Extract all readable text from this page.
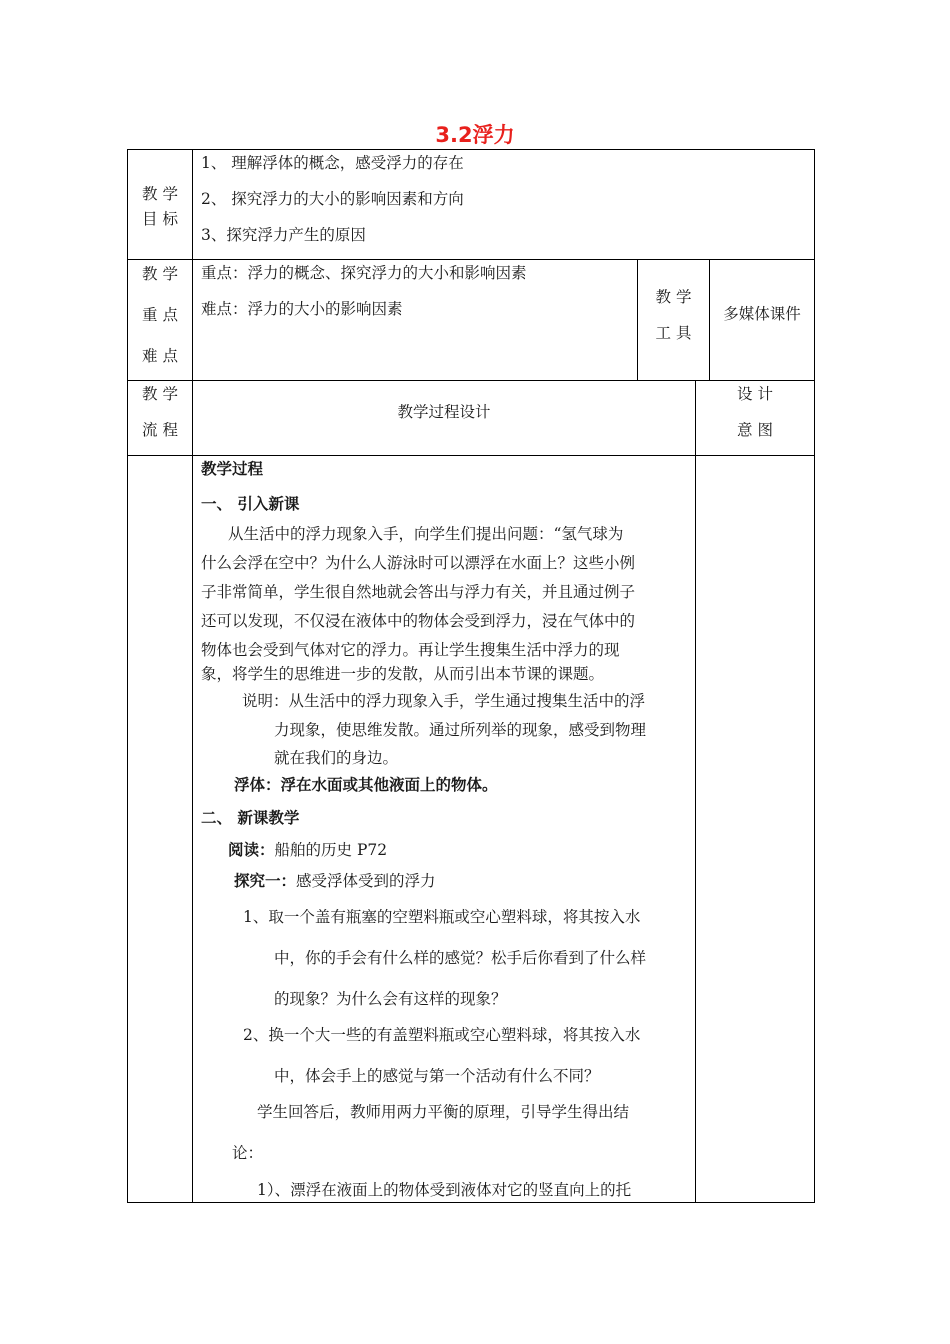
3.2浮力
教 学
目 标
1、 理解浮体的概念，感受浮力的存在
2、 探究浮力的大小的影响因素和方向
3、探究浮力产生的原因
教 学
重 点
难 点
重点：浮力的概念、探究浮力的大小和影响因素
难点：浮力的大小的影响因素
教 学
工 具
多媒体课件
教 学
流 程
教学过程设计
设 计
意 图
教学过程
一、 引入新课
从生活中的浮力现象入手，向学生们提出问题：“氢气球为
什么会浮在空中？为什么人游泳时可以漂浮在水面上？这些小例
子非常简单，学生很自然地就会答出与浮力有关，并且通过例子
还可以发现，不仅浸在液体中的物体会受到浮力，浸在气体中的
物体也会受到气体对它的浮力。再让学生搜集生活中浮力的现
象，将学生的思维进一步的发散，从而引出本节课的课题。
说明：从生活中的浮力现象入手，学生通过搜集生活中的浮
力现象，使思维发散。通过所列举的现象，感受到物理
就在我们的身边。
浮体：浮在水面或其他液面上的物体。
二、 新课教学
阅读：船舶的历史 P72
探究一：感受浮体受到的浮力
1、取一个盖有瓶塞的空塑料瓶或空心塑料球，将其按入水
中，你的手会有什么样的感觉？松手后你看到了什么样
的现象？为什么会有这样的现象？
2、换一个大一些的有盖塑料瓶或空心塑料球，将其按入水
中，体会手上的感觉与第一个活动有什么不同？
学生回答后，教师用两力平衡的原理，引导学生得出结
论：
1）、漂浮在液面上的物体受到液体对它的竖直向上的托
